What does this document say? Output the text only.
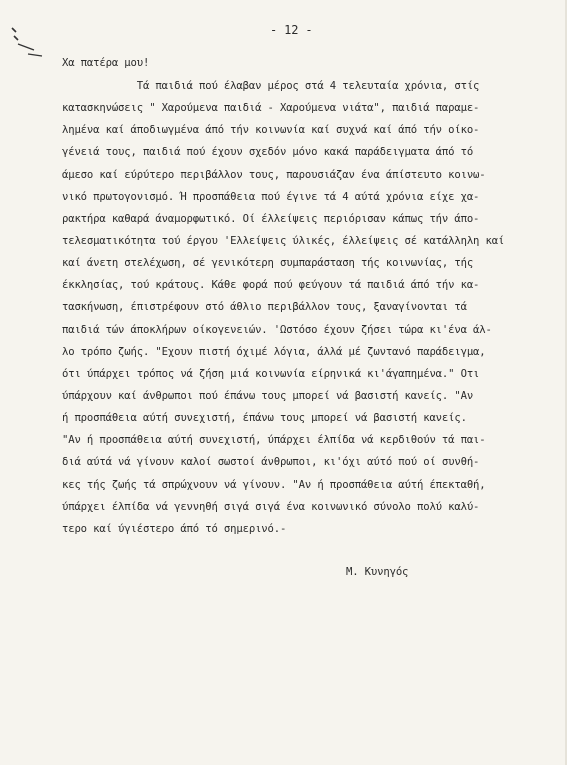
- 12 -
Χα πατέρα μου!
Τά παιδιά πού έλαβαν μέρος στά 4 τελευταία χρόνια, στίς
κατασκηνώσεις " Χαρούμενα παιδιά - Χαρούμενα νιάτα", παιδιά παραμε-
λημένα καί άποδιωγμένα άπό τήν κοινωνία καί συχνά καί άπό τήν οίκο-
γένειά τους, παιδιά πού έχουν σχεδόν μόνο κακά παράδειγματα άπό τό
άμεσο καί εύρύτερο περιβάλλον τους, παρουσιάζαν ένα άπίστευτο κοινω-
νικό πρωτογονισμό. Ή προσπάθεια πού έγινε τά 4 αύτά χρόνια είχε χα-
ρακτήρα καθαρά άναμορφωτικό. Οί έλλείψεις περιόρισαν κάπως τήν άπο-
τελεσματικότητα τού έργου 'Ελλείψεις ύλικές, έλλείψεις σέ κατάλληλη καί
καί άνετη στελέχωση, σέ γενικότερη συμπαράσταση τής κοινωνίας, τής
έκκλησίας, τού κράτους. Κάθε φορά πού φεύγουν τά παιδιά άπό τήν κα-
τασκήνωση, έπιστρέφουν στό άθλιο περιβάλλον τους, ξαναγίνονται τά
παιδιά τών άποκλήρων οίκογενειών. 'Ωστόσο έχουν ζήσει τώρα κι'ένα άλ-
λο τρόπο ζωής. "Εχουν πιστή όχιμέ λόγια, άλλά μέ ζωντανό παράδειγμα,
ότι ύπάρχει τρόπος νά ζήση μιά κοινωνία είρηνικά κι'άγαπημένα." Οτι
ύπάρχουν καί άνθρωποι πού έπάνω τους μπορεί νά βασιστή κανείς. "Αν
ή προσπάθεια αύτή συνεχιστή, έπάνω τους μπορεί νά βασιστή κανείς.
"Αν ή προσπάθεια αύτή συνεχιστή, ύπάρχει έλπίδα νά κερδιθούν τά παι-
διά αύτά νά γίνουν καλοί σωστοί άνθρωποι, κι'όχι αύτό πού οί συνθή-
κες τής ζωής τά σπρώχνουν νά γίνουν. "Αν ή προσπάθεια αύτή έπεκταθή,
ύπάρχει έλπίδα νά γεννηθή σιγά σιγά ένα κοινωνικό σύνολο πολύ καλύ-
τερο καί ύγιέστερο άπό τό σημερινό.-
Μ. Κυνηγός
